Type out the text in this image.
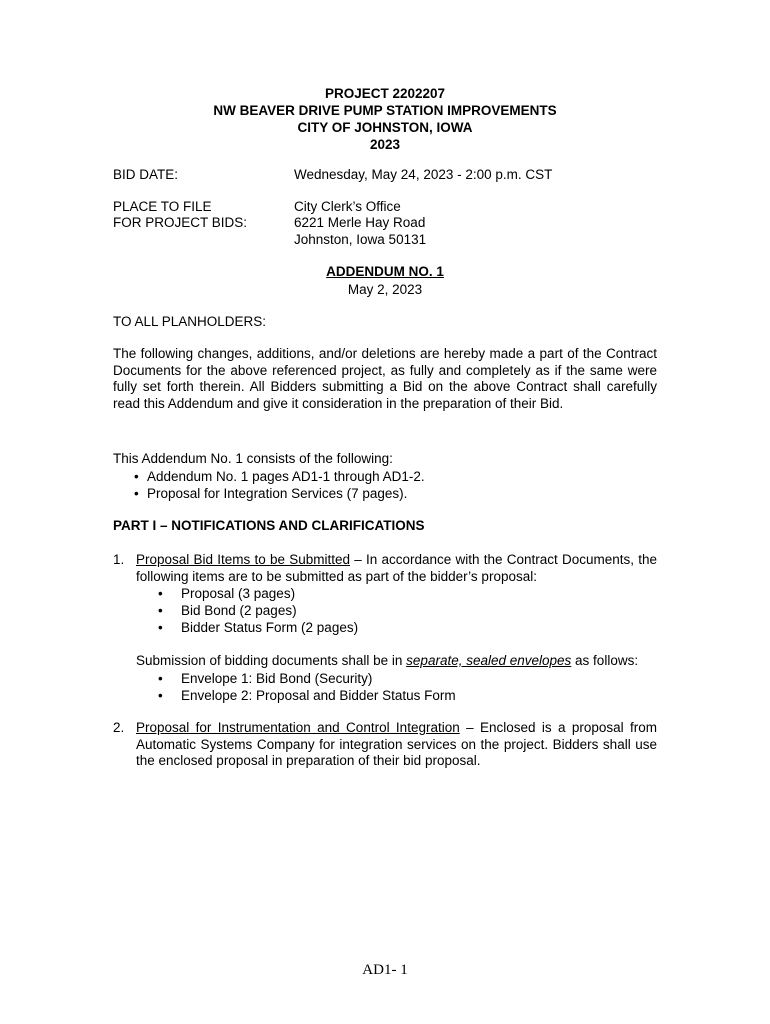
PROJECT 2202207
NW BEAVER DRIVE PUMP STATION IMPROVEMENTS
CITY OF JOHNSTON, IOWA
2023
BID DATE:	Wednesday, May 24, 2023 - 2:00 p.m. CST
PLACE TO FILE
FOR PROJECT BIDS:
City Clerk’s Office
6221 Merle Hay Road
Johnston, Iowa 50131
ADDENDUM NO. 1
May 2, 2023
TO ALL PLANHOLDERS:
The following changes, additions, and/or deletions are hereby made a part of the Contract Documents for the above referenced project, as fully and completely as if the same were fully set forth therein. All Bidders submitting a Bid on the above Contract shall carefully read this Addendum and give it consideration in the preparation of their Bid.
This Addendum No. 1 consists of the following:
• Addendum No. 1 pages AD1-1 through AD1-2.
• Proposal for Integration Services (7 pages).
PART I – NOTIFICATIONS AND CLARIFICATIONS
1. Proposal Bid Items to be Submitted – In accordance with the Contract Documents, the following items are to be submitted as part of the bidder’s proposal:
• Proposal (3 pages)
• Bid Bond (2 pages)
• Bidder Status Form (2 pages)
Submission of bidding documents shall be in separate, sealed envelopes as follows:
• Envelope 1: Bid Bond (Security)
• Envelope 2: Proposal and Bidder Status Form
2. Proposal for Instrumentation and Control Integration – Enclosed is a proposal from Automatic Systems Company for integration services on the project. Bidders shall use the enclosed proposal in preparation of their bid proposal.
AD1- 1
